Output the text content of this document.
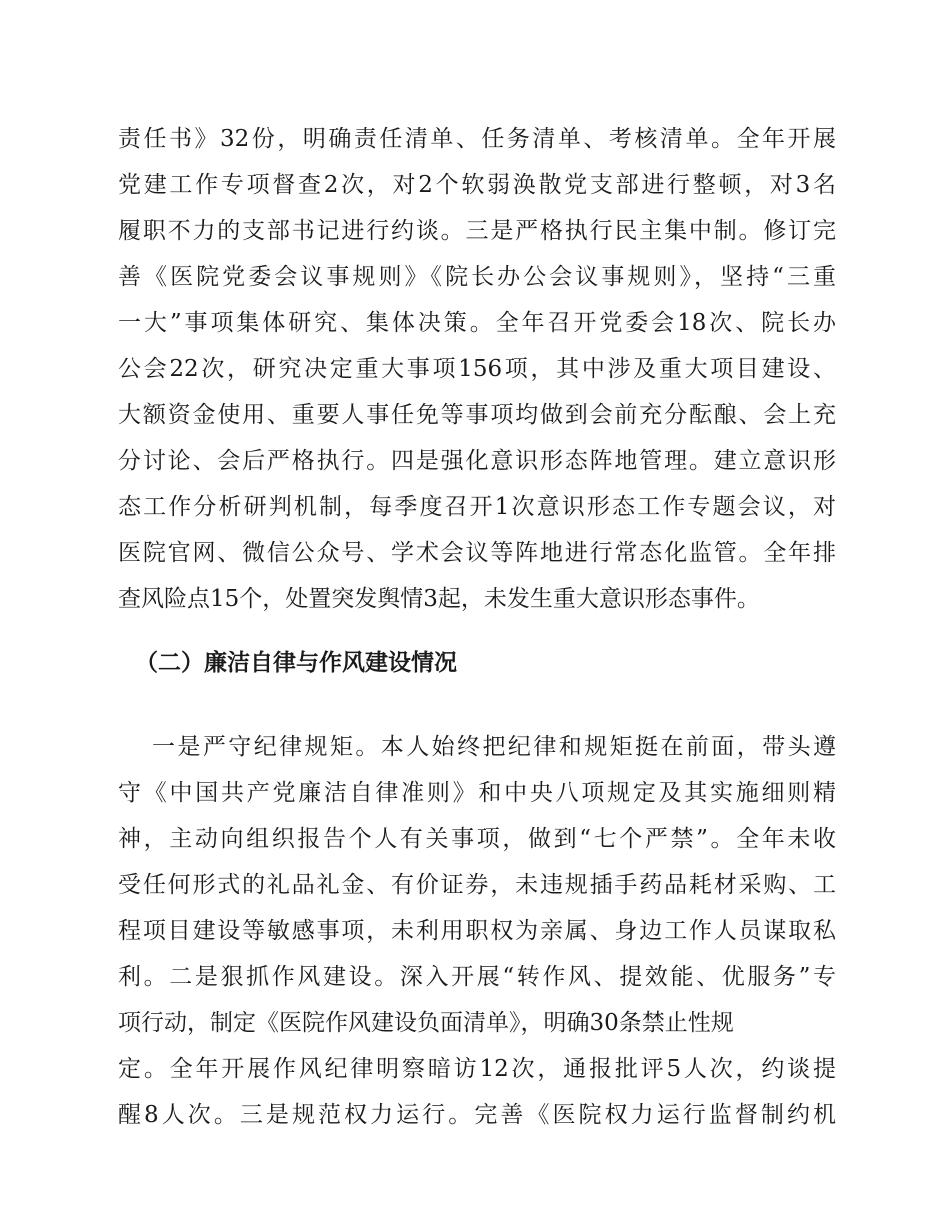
责任书》32份，明确责任清单、任务清单、考核清单。全年开展
党建工作专项督查2次，对2个软弱涣散党支部进行整顿，对3名
履职不力的支部书记进行约谈。三是严格执行民主集中制。修订完
善《医院党委会议事规则》《院长办公会议事规则》，坚持“三重
一大”事项集体研究、集体决策。全年召开党委会18次、院长办
公会22次，研究决定重大事项156项，其中涉及重大项目建设、
大额资金使用、重要人事任免等事项均做到会前充分酝酿、会上充
分讨论、会后严格执行。四是强化意识形态阵地管理。建立意识形
态工作分析研判机制，每季度召开1次意识形态工作专题会议，对
医院官网、微信公众号、学术会议等阵地进行常态化监管。全年排
查风险点15个，处置突发舆情3起，未发生重大意识形态事件。
（二）廉洁自律与作风建设情况
一是严守纪律规矩。本人始终把纪律和规矩挺在前面，带头遵
守《中国共产党廉洁自律准则》和中央八项规定及其实施细则精
神，主动向组织报告个人有关事项，做到“七个严禁”。全年未收
受任何形式的礼品礼金、有价证券，未违规插手药品耗材采购、工
程项目建设等敏感事项，未利用职权为亲属、身边工作人员谋取私
利。二是狠抓作风建设。深入开展“转作风、提效能、优服务”专
项行动，制定《医院作风建设负面清单》，明确30条禁止性规
定。全年开展作风纪律明察暗访12次，通报批评5人次，约谈提
醒8人次。三是规范权力运行。完善《医院权力运行监督制约机
